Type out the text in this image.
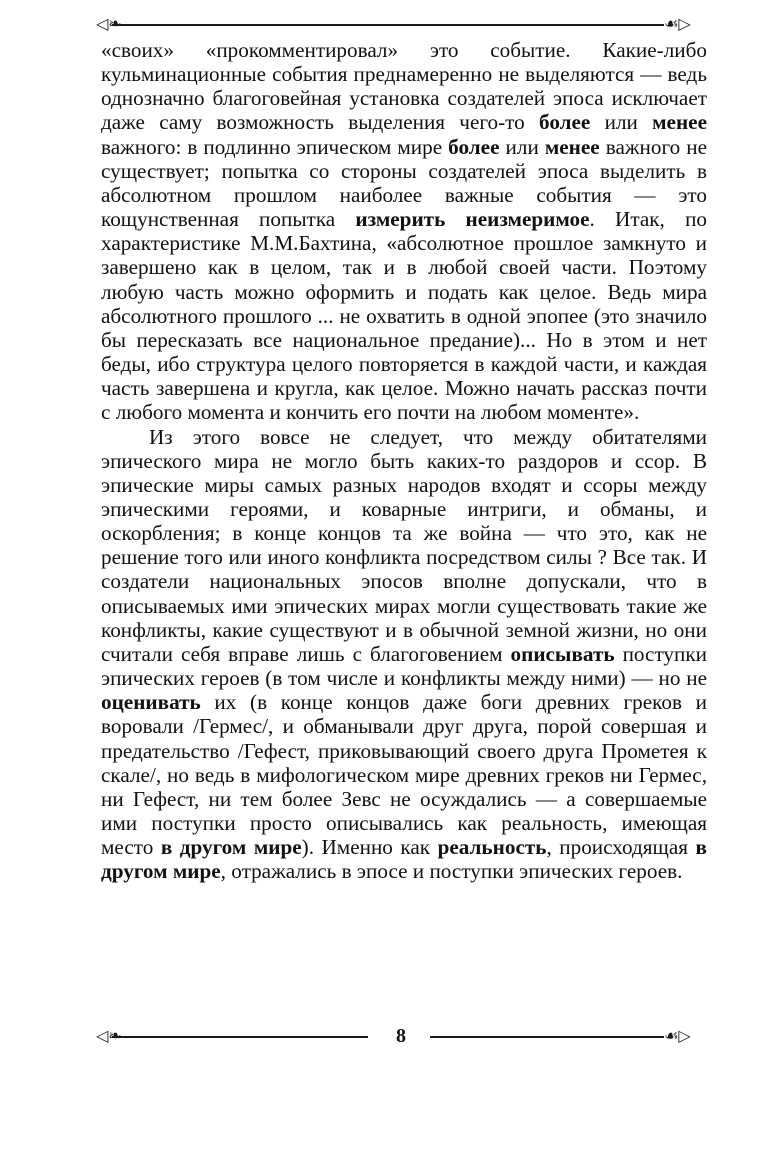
◁❧	☙▷

«своих» «прокомментировал» это событие. Какие-либо кульминационные события преднамеренно не выделяются — ведь однозначно благоговейная установка создателей эпоса исключает даже саму возможность выделения чего-то более или менее важного: в подлинно эпическом мире более или менее важного не существует; попытка со стороны создателей эпоса выделить в абсолютном прошлом наиболее важные события — это кощунственная попытка измерить неизмеримое. Итак, по характеристике М.М.Бахтина, «абсолютное прошлое замкнуто и завершено как в целом, так и в любой своей части. Поэтому любую часть можно оформить и подать как целое. Ведь мира абсолютного прошлого ... не охватить в одной эпопее (это значило бы пересказать все национальное предание)... Но в этом и нет беды, ибо структура целого повторяется в каждой части, и каждая часть завершена и кругла, как целое. Можно начать рассказ почти с любого момента и кончить его почти на любом моменте».

Из этого вовсе не следует, что между обитателями эпического мира не могло быть каких-то раздоров и ссор. В эпические миры самых разных народов входят и ссоры между эпическими героями, и коварные интриги, и обманы, и оскорбления; в конце концов та же война — что это, как не решение того или иного конфликта посредством силы ? Все так. И создатели национальных эпосов вполне допускали, что в описываемых ими эпических мирах могли существовать такие же конфликты, какие существуют и в обычной земной жизни, но они считали себя вправе лишь с благоговением описывать поступки эпических героев (в том числе и конфликты между ними) — но не оценивать их (в конце концов даже боги древних греков и воровали /Гермес/, и обманывали друг друга, порой совершая и предательство /Гефест, приковывающий своего друга Прометея к скале/, но ведь в мифологическом мире древних греков ни Гермес, ни Гефест, ни тем более Зевс не осуждались — а совершаемые ими поступки просто описывались как реальность, имеющая место в другом мире). Именно как реальность, происходящая в другом мире, отражались в эпосе и поступки эпических героев.

◁❧	☙▷
8
